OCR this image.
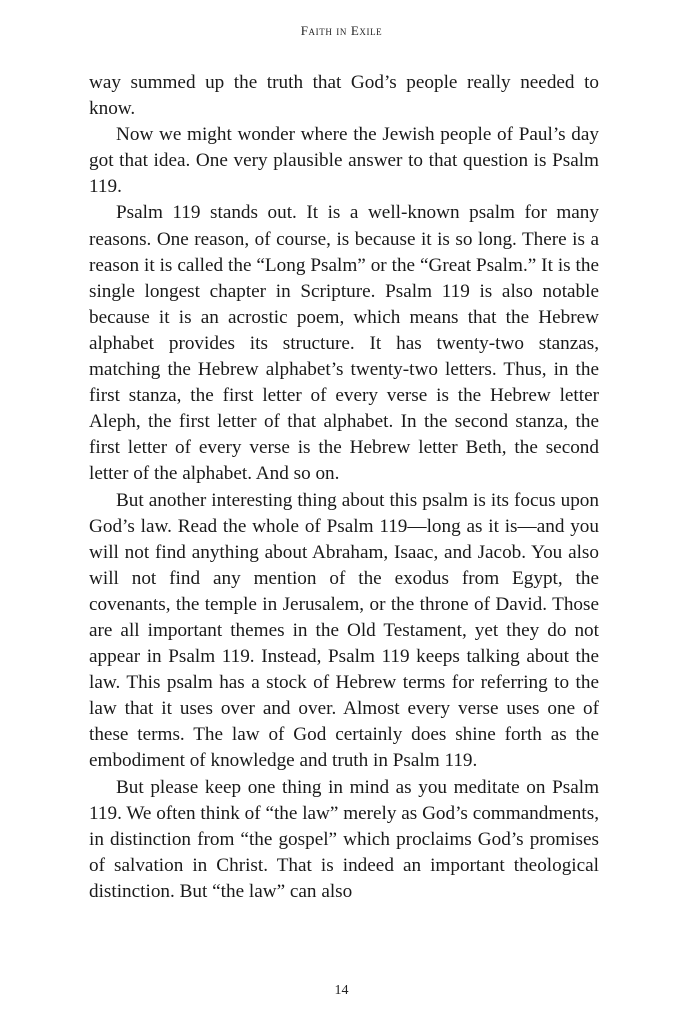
Faith in Exile

way summed up the truth that God’s people really needed to know.

Now we might wonder where the Jewish people of Paul’s day got that idea. One very plausible answer to that question is Psalm 119.

Psalm 119 stands out. It is a well-known psalm for many reasons. One reason, of course, is because it is so long. There is a reason it is called the “Long Psalm” or the “Great Psalm.” It is the single longest chapter in Scripture. Psalm 119 is also notable because it is an acrostic poem, which means that the Hebrew alphabet provides its structure. It has twenty-two stanzas, matching the Hebrew alphabet’s twenty-two letters. Thus, in the first stanza, the first letter of every verse is the Hebrew letter Aleph, the first letter of that alphabet. In the second stanza, the first letter of every verse is the Hebrew letter Beth, the second letter of the alphabet. And so on.

But another interesting thing about this psalm is its focus upon God’s law. Read the whole of Psalm 119—long as it is—and you will not find anything about Abraham, Isaac, and Jacob. You also will not find any mention of the exodus from Egypt, the covenants, the temple in Jerusalem, or the throne of David. Those are all important themes in the Old Testament, yet they do not appear in Psalm 119. Instead, Psalm 119 keeps talking about the law. This psalm has a stock of Hebrew terms for referring to the law that it uses over and over. Almost every verse uses one of these terms. The law of God certainly does shine forth as the embodiment of knowledge and truth in Psalm 119.

But please keep one thing in mind as you meditate on Psalm 119. We often think of “the law” merely as God’s commandments, in distinction from “the gospel” which proclaims God’s promises of salvation in Christ. That is indeed an important theological distinction. But “the law” can also

14
